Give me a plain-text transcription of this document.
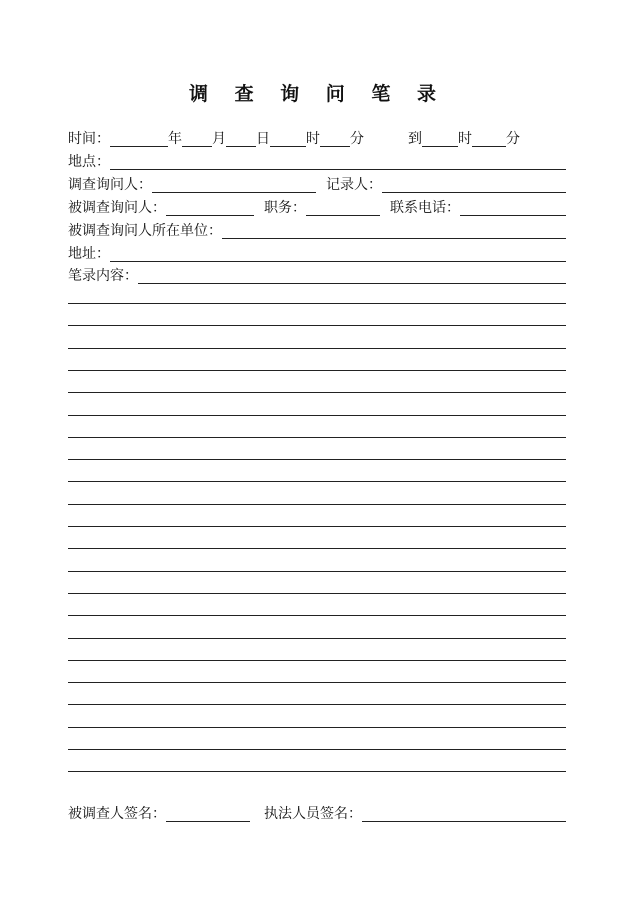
调 查 询 问 笔 录
时间：	年 月 日	时 分	到	时 分
地点：
调查询问人：	记录人：
被调查询问人：	职务：	联系电话：
被调查询问人所在单位：
地址：
笔录内容：
被调查人签名：	执法人员签名：
